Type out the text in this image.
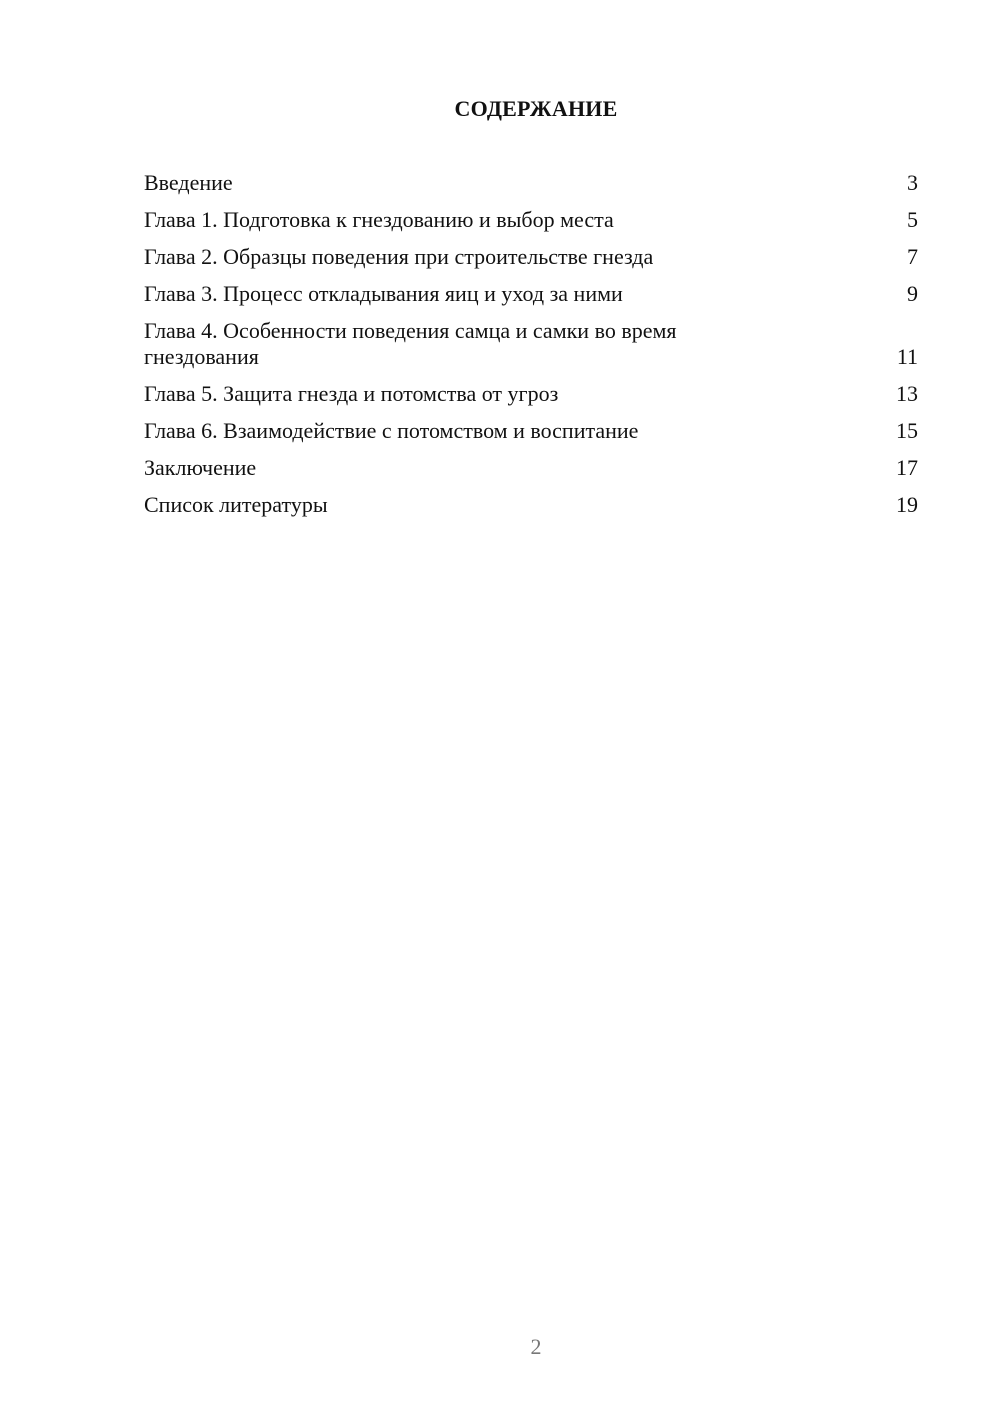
СОДЕРЖАНИЕ
Введение	3
Глава 1. Подготовка к гнездованию и выбор места	5
Глава 2. Образцы поведения при строительстве гнезда	7
Глава 3. Процесс откладывания яиц и уход за ними	9
Глава 4. Особенности поведения самца и самки во время гнездования	11
Глава 5. Защита гнезда и потомства от угроз	13
Глава 6. Взаимодействие с потомством и воспитание	15
Заключение	17
Список литературы	19
2
